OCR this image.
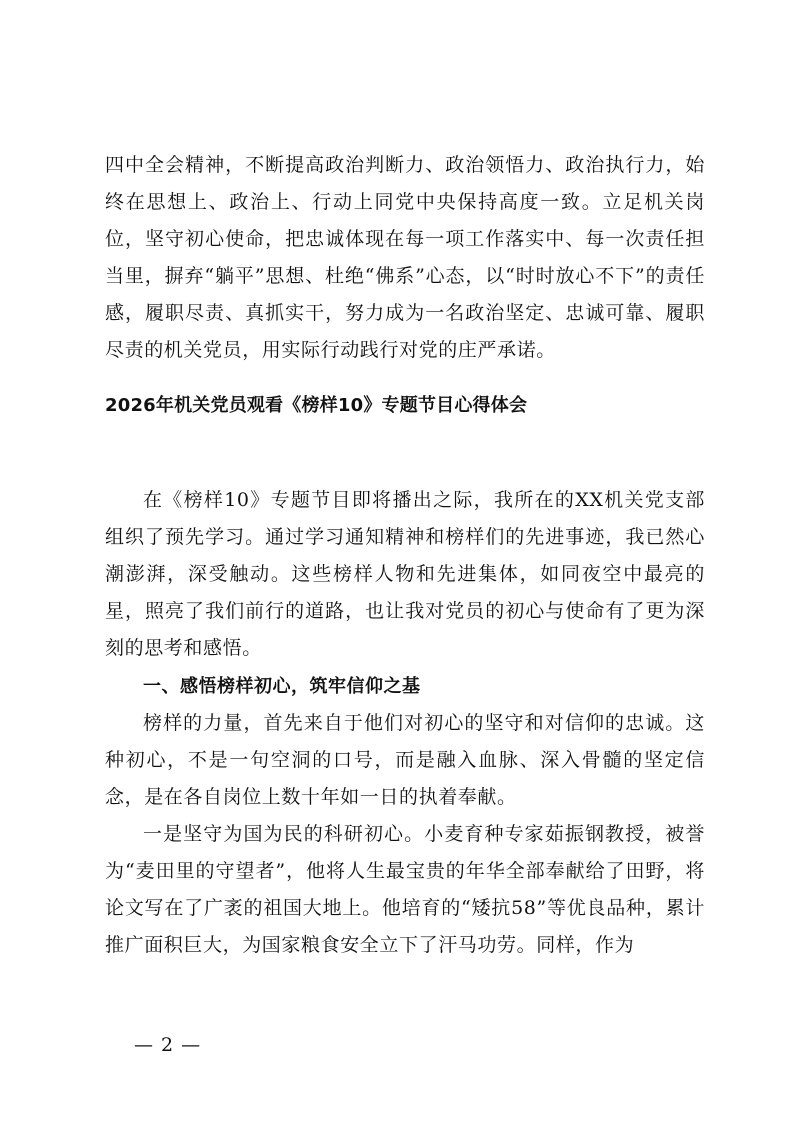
四中全会精神，不断提高政治判断力、政治领悟力、政治执行力，始终在思想上、政治上、行动上同党中央保持高度一致。立足机关岗位，坚守初心使命，把忠诚体现在每一项工作落实中、每一次责任担当里，摒弃“躺平”思想、杜绝“佛系”心态，以“时时放心不下”的责任感，履职尽责、真抓实干，努力成为一名政治坚定、忠诚可靠、履职尽责的机关党员，用实际行动践行对党的庄严承诺。

2026年机关党员观看《榜样10》专题节目心得体会

在《榜样10》专题节目即将播出之际，我所在的XX机关党支部组织了预先学习。通过学习通知精神和榜样们的先进事迹，我已然心潮澎湃，深受触动。这些榜样人物和先进集体，如同夜空中最亮的星，照亮了我们前行的道路，也让我对党员的初心与使命有了更为深刻的思考和感悟。

一、感悟榜样初心，筑牢信仰之基

榜样的力量，首先来自于他们对初心的坚守和对信仰的忠诚。这种初心，不是一句空洞的口号，而是融入血脉、深入骨髓的坚定信念，是在各自岗位上数十年如一日的执着奉献。

一是坚守为国为民的科研初心。小麦育种专家茹振钢教授，被誉为“麦田里的守望者”，他将人生最宝贵的年华全部奉献给了田野，将论文写在了广袤的祖国大地上。他培育的“矮抗58”等优良品种，累计推广面积巨大，为国家粮食安全立下了汗马功劳。同样，作为

— 2 —
